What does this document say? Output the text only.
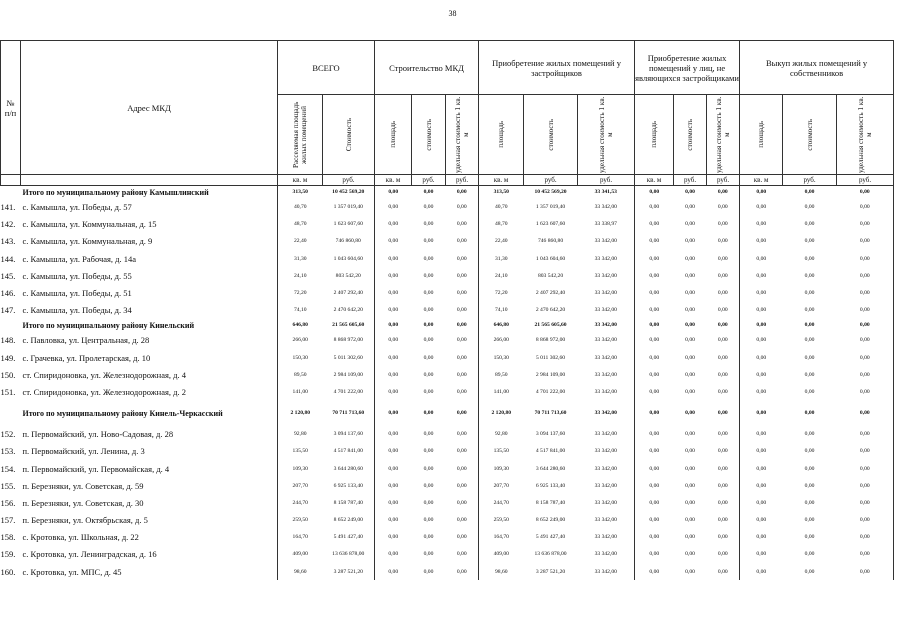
38
№
п/п	Адрес МКД	ВСЕГО		Строительство МКД			Приобретение жилых помещений у застройщиков			Приобретение жилых помещений у лиц, не являющихся застройщиками			Выкуп жилых помещений у собственников		

		Расселяемая площадь жилых помещений	Стоимость	площадь	стоимость	удельная стоимость 1 кв. м	площадь	стоимость	удельная стоимость 1 кв. м	площадь	стоимость	удельная стоимость 1 кв. м	площадь	стоимость	удельная стоимость 1 кв. м

		кв. м	руб.	кв. м	руб.	руб.	кв. м	руб.	руб.	кв. м	руб.	руб.	кв. м	руб.	руб.
	Итого по муниципальному району Камышлинский	313,50	10 452 569,20	0,00	0,00	0,00	313,50	10 452 569,20	33 341,53	0,00	0,00	0,00	0,00	0,00	0,00
141.	с. Камышла, ул. Победы, д. 57	40,70	1 357 019,40	0,00	0,00	0,00	40,70	1 357 019,40	33 342,00	0,00	0,00	0,00	0,00	0,00	0,00
142.	с. Камышла, ул. Коммунальная, д. 15	48,70	1 623 607,60	0,00	0,00	0,00	48,70	1 623 607,60	33 338,97	0,00	0,00	0,00	0,00	0,00	0,00
143.	с. Камышла, ул. Коммунальная, д. 9	22,40	746 860,80	0,00	0,00	0,00	22,40	746 860,80	33 342,00	0,00	0,00	0,00	0,00	0,00	0,00
144.	с. Камышла, ул. Рабочая, д. 14а	31,30	1 043 604,60	0,00	0,00	0,00	31,30	1 043 604,60	33 342,00	0,00	0,00	0,00	0,00	0,00	0,00
145.	с. Камышла, ул. Победы, д. 55	24,10	803 542,20	0,00	0,00	0,00	24,10	803 542,20	33 342,00	0,00	0,00	0,00	0,00	0,00	0,00
146.	с. Камышла, ул. Победы, д. 51	72,20	2 407 292,40	0,00	0,00	0,00	72,20	2 407 292,40	33 342,00	0,00	0,00	0,00	0,00	0,00	0,00
147.	с. Камышла, ул. Победы, д. 34	74,10	2 470 642,20	0,00	0,00	0,00	74,10	2 470 642,20	33 342,00	0,00	0,00	0,00	0,00	0,00	0,00
	Итого по муниципальному району Кинельский	646,80	21 565 605,60	0,00	0,00	0,00	646,80	21 565 605,60	33 342,00	0,00	0,00	0,00	0,00	0,00	0,00
148.	с. Павловка, ул. Центральная, д. 28	266,00	8 868 972,00	0,00	0,00	0,00	266,00	8 868 972,00	33 342,00	0,00	0,00	0,00	0,00	0,00	0,00
149.	с. Грачевка, ул. Пролетарская, д. 10	150,30	5 011 302,60	0,00	0,00	0,00	150,30	5 011 302,60	33 342,00	0,00	0,00	0,00	0,00	0,00	0,00
150.	ст. Спиридоновка, ул. Железнодорожная, д. 4	89,50	2 984 109,00	0,00	0,00	0,00	89,50	2 984 109,00	33 342,00	0,00	0,00	0,00	0,00	0,00	0,00
151.	ст. Спиридоновка, ул. Железнодорожная, д. 2	141,00	4 701 222,00	0,00	0,00	0,00	141,00	4 701 222,00	33 342,00	0,00	0,00	0,00	0,00	0,00	0,00
	Итого по муниципальному району Кинель-Черкасский	2 120,80	70 711 713,60	0,00	0,00	0,00	2 120,80	70 711 713,60	33 342,00	0,00	0,00	0,00	0,00	0,00	0,00
152.	п. Первомайский, ул. Ново-Садовая, д. 28	92,80	3 094 137,60	0,00	0,00	0,00	92,80	3 094 137,60	33 342,00	0,00	0,00	0,00	0,00	0,00	0,00
153.	п. Первомайский, ул. Ленина, д. 3	135,50	4 517 841,00	0,00	0,00	0,00	135,50	4 517 841,00	33 342,00	0,00	0,00	0,00	0,00	0,00	0,00
154.	п. Первомайский, ул. Первомайская, д. 4	109,30	3 644 280,60	0,00	0,00	0,00	109,30	3 644 280,60	33 342,00	0,00	0,00	0,00	0,00	0,00	0,00
155.	п. Березняки, ул. Советская, д. 59	207,70	6 925 133,40	0,00	0,00	0,00	207,70	6 925 133,40	33 342,00	0,00	0,00	0,00	0,00	0,00	0,00
156.	п. Березняки, ул. Советская, д. 30	244,70	8 158 787,40	0,00	0,00	0,00	244,70	8 158 787,40	33 342,00	0,00	0,00	0,00	0,00	0,00	0,00
157.	п. Березняки, ул. Октябрьская, д. 5	259,50	8 652 249,00	0,00	0,00	0,00	259,50	8 652 249,00	33 342,00	0,00	0,00	0,00	0,00	0,00	0,00
158.	с. Кротовка, ул. Школьная, д. 22	164,70	5 491 427,40	0,00	0,00	0,00	164,70	5 491 427,40	33 342,00	0,00	0,00	0,00	0,00	0,00	0,00
159.	с. Кротовка, ул. Ленинградская, д. 16	409,00	13 636 878,00	0,00	0,00	0,00	409,00	13 636 878,00	33 342,00	0,00	0,00	0,00	0,00	0,00	0,00
160.	с. Кротовка, ул. МПС, д. 45	98,60	3 287 521,20	0,00	0,00	0,00	98,60	3 287 521,20	33 342,00	0,00	0,00	0,00	0,00	0,00	0,00
